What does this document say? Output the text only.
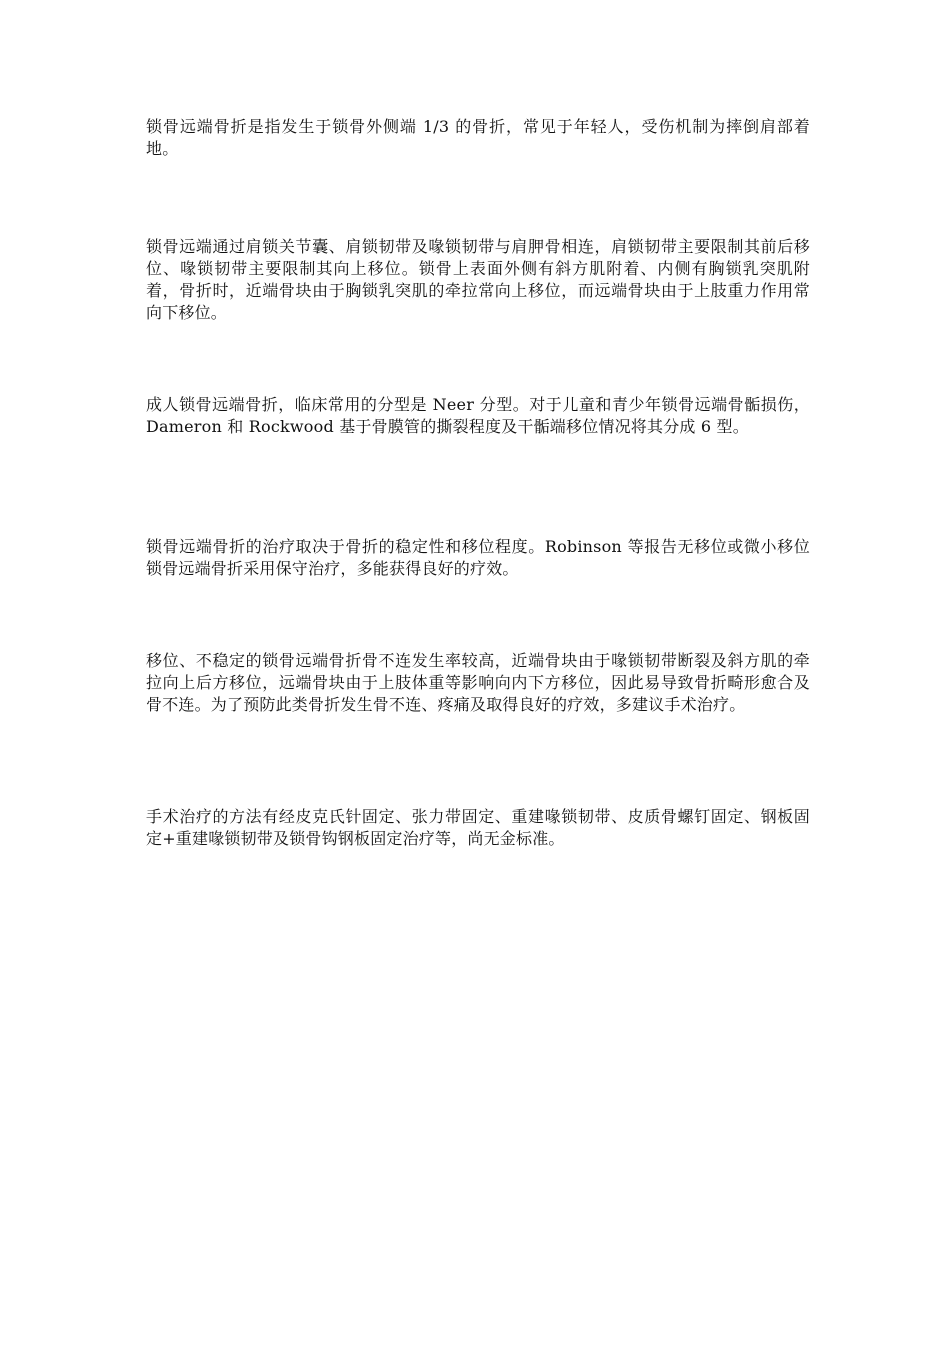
锁骨远端骨折是指发生于锁骨外侧端 1/3 的骨折，常见于年轻人，受伤机制为摔倒肩部着地。

锁骨远端通过肩锁关节囊、肩锁韧带及喙锁韧带与肩胛骨相连，肩锁韧带主要限制其前后移位、喙锁韧带主要限制其向上移位。锁骨上表面外侧有斜方肌附着、内侧有胸锁乳突肌附着，骨折时，近端骨块由于胸锁乳突肌的牵拉常向上移位，而远端骨块由于上肢重力作用常向下移位。

成人锁骨远端骨折，临床常用的分型是 Neer 分型。对于儿童和青少年锁骨远端骨骺损伤，Dameron 和 Rockwood 基于骨膜管的撕裂程度及干骺端移位情况将其分成 6 型。

锁骨远端骨折的治疗取决于骨折的稳定性和移位程度。Robinson 等报告无移位或微小移位锁骨远端骨折采用保守治疗，多能获得良好的疗效。

移位、不稳定的锁骨远端骨折骨不连发生率较高，近端骨块由于喙锁韧带断裂及斜方肌的牵拉向上后方移位，远端骨块由于上肢体重等影响向内下方移位，因此易导致骨折畸形愈合及骨不连。为了预防此类骨折发生骨不连、疼痛及取得良好的疗效，多建议手术治疗。

手术治疗的方法有经皮克氏针固定、张力带固定、重建喙锁韧带、皮质骨螺钉固定、钢板固定+重建喙锁韧带及锁骨钩钢板固定治疗等，尚无金标准。
